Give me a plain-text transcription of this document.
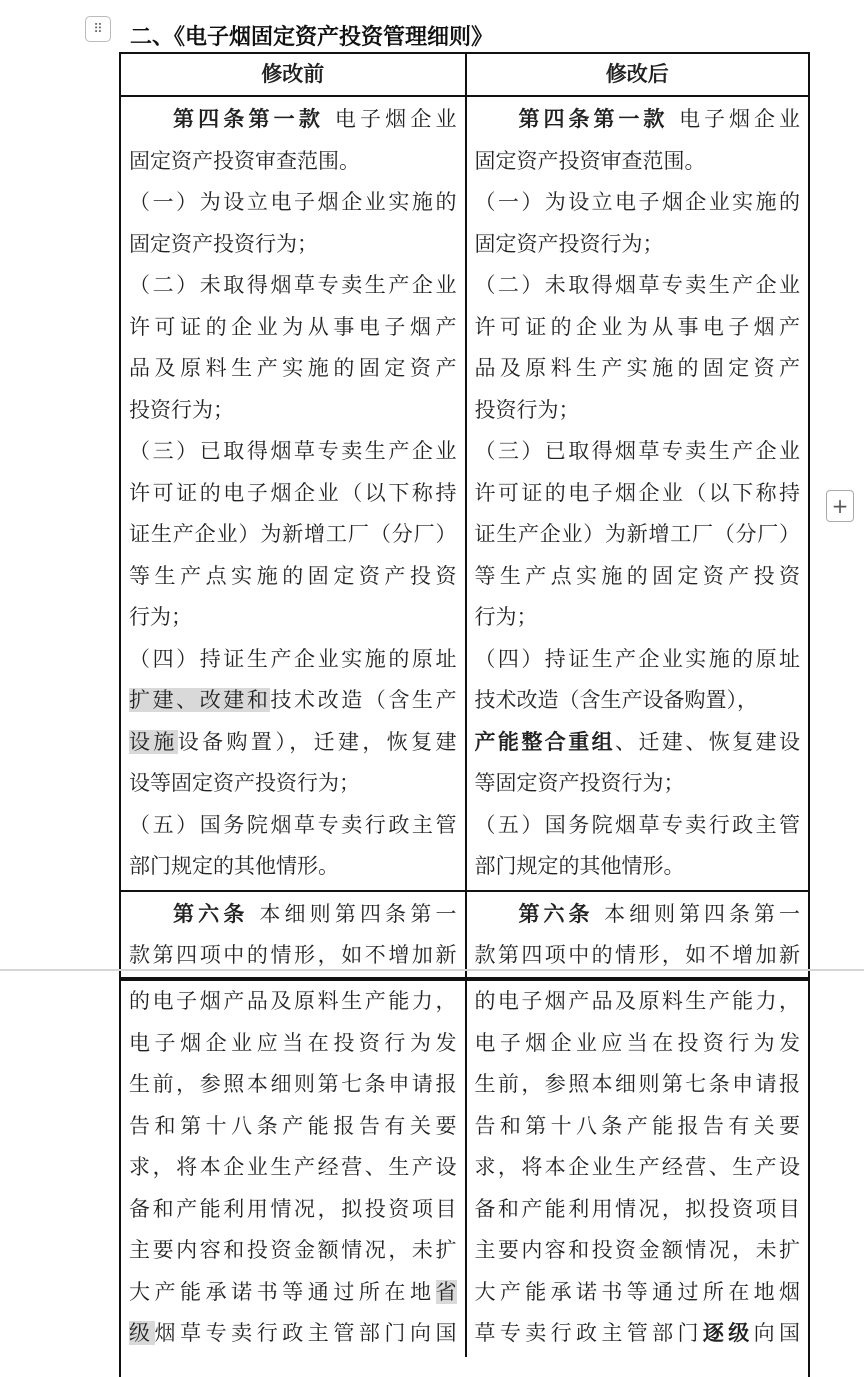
⠿	二、《电子烟固定资产投资管理细则》
修改前	修改后
第四条第一款 电子烟企业
固定资产投资审查范围。
（一）为设立电子烟企业实施的
固定资产投资行为；
（二）未取得烟草专卖生产企业
许可证的企业为从事电子烟产
品及原料生产实施的固定资产
投资行为；
（三）已取得烟草专卖生产企业
许可证的电子烟企业（以下称持
证生产企业）为新增工厂（分厂）
等生产点实施的固定资产投资
行为；
（四）持证生产企业实施的原址
扩建、改建和技术改造（含生产
设施设备购置），迁建，恢复建
设等固定资产投资行为；
（五）国务院烟草专卖行政主管
部门规定的其他情形。
第四条第一款 电子烟企业
固定资产投资审查范围。
（一）为设立电子烟企业实施的
固定资产投资行为；
（二）未取得烟草专卖生产企业
许可证的企业为从事电子烟产
品及原料生产实施的固定资产
投资行为；
（三）已取得烟草专卖生产企业
许可证的电子烟企业（以下称持
证生产企业）为新增工厂（分厂）
等生产点实施的固定资产投资
行为；
（四）持证生产企业实施的原址
技术改造（含生产设备购置），
产能整合重组、迁建、恢复建设
等固定资产投资行为；
（五）国务院烟草专卖行政主管
部门规定的其他情形。
第六条 本细则第四条第一
款第四项中的情形，如不增加新
第六条 本细则第四条第一
款第四项中的情形，如不增加新
的电子烟产品及原料生产能力，
电子烟企业应当在投资行为发
生前，参照本细则第七条申请报
告和第十八条产能报告有关要
求，将本企业生产经营、生产设
备和产能利用情况，拟投资项目
主要内容和投资金额情况，未扩
大产能承诺书等通过所在地省
级烟草专卖行政主管部门向国
的电子烟产品及原料生产能力，
电子烟企业应当在投资行为发
生前，参照本细则第七条申请报
告和第十八条产能报告有关要
求，将本企业生产经营、生产设
备和产能利用情况，拟投资项目
主要内容和投资金额情况，未扩
大产能承诺书等通过所在地烟
草专卖行政主管部门逐级向国
+
